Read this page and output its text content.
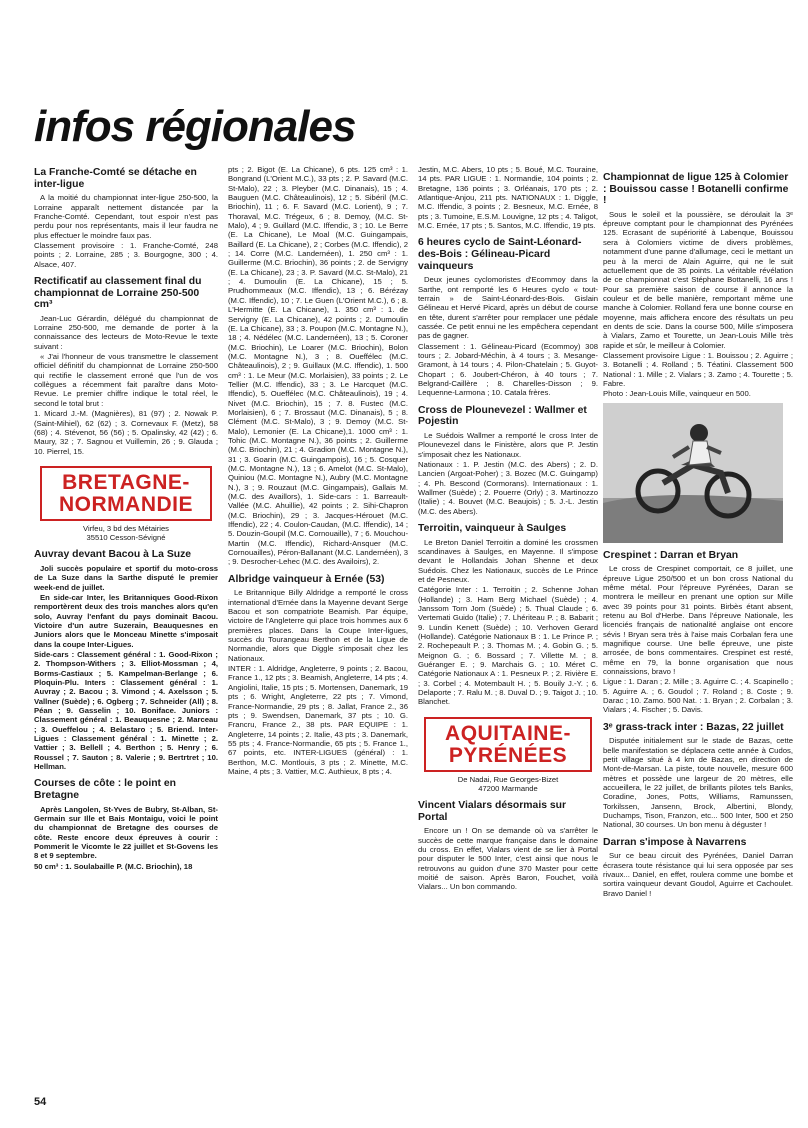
infos régionales
La Franche-Comté se détache en inter-ligue

A la moitié du championnat inter-ligue 250-500, la Lorraine apparaît nettement distancée par la Franche-Comté. Cependant, tout espoir n'est pas perdu pour nos représentants, mais il leur faudra ne plus effectuer le moindre faux pas.

Classement provisoire : 1. Franche-Comté, 248 points ; 2. Lorraine, 285 ; 3. Bourgogne, 300 ; 4. Alsace, 407.

Rectificatif au classement final du championnat de Lorraine 250-500 cm³

Jean-Luc Gérardin, délégué du championnat de Lorraine 250-500, me demande de porter à la connaissance des lecteurs de Moto-Revue le texte suivant :

« J'ai l'honneur de vous transmettre le classement officiel définitif du championnat de Lorraine 250-500 qui rectifie le classement erroné que l'un de vos collègues a récemment fait paraître dans Moto-Revue. Le premier chiffre indique le total réel, le second le total brut :

1. Micard J.-M. (Magnières), 81 (97) ; 2. Nowak P. (Saint-Mihiel), 62 (62) ; 3. Cornevaux F. (Metz), 58 (68) ; 4. Stévenot, 56 (56) ; 5. Opalinsky, 42 (42) ; 6. Maury, 32 ; 7. Sagnou et Vuillemin, 26 ; 9. Glauda ; 10. Pierrel, 15.

BRETAGNE-NORMANDIE
Virfeu, 3 bd des Métairies
35510 Cesson-Sévigné
Auvray devant Bacou à La Suze

Joli succès populaire et sportif du moto-cross de La Suze dans la Sarthe disputé le premier week-end de juillet.

En side-car Inter, les Britanniques Good-Rixon remportèrent deux des trois manches alors qu'en solo, Auvray l'enfant du pays dominait Bacou. Victoire d'un autre Suzerain, Beauquesnes en Juniors alors que le Monceau Minette s'imposait dans la coupe Inter-Ligues.

Side-cars : Classement général : 1. Good-Rixon ; 2. Thompson-Withers ; 3. Elliot-Mossman ; 4, Borms-Castiaux ; 5. Kampelman-Berlange ; 6. Ploquin-Plu. Inters : Classement général : 1. Auvray ; 2. Bacou ; 3. Vimond ; 4. Axelsson ; 5. Vallner (Suède) ; 6. Ogberg ; 7. Schneider (All) ; 8. Péan ; 9. Gasselin ; 10. Boniface. Juniors : Classement général : 1. Beauquesne ; 2. Marceau ; 3. Oueffelou ; 4. Belastaro ; 5. Briend. Inter-Ligues : Classement général : 1. Minette ; 2. Vattier ; 3. Bellell ; 4. Berthon ; 5. Henry ; 6. Roussel ; 7. Sauton ; 8. Valerie ; 9. Bertrtret ; 10. Hellman.

Courses de côte : le point en Bretagne

Après Langolen, St-Yves de Bubry, St-Alban, St-Germain sur Ille et Bais Montaigu, voici le point du championnat de Bretagne des courses de côte. Reste encore deux épreuves à courir : Pommerit le Vicomte le 22 juillet et St-Govens les 8 et 9 septembre.

50 cm³ : 1. Soulabaille P. (M.C. Briochin), 18

pts ; 2. Bigot (E. La Chicane), 6 pts. 125 cm³ : 1. Bongrand (L'Orient M.C.), 33 pts ; 2. P. Savard (M.C. St-Malo), 22 ; 3. Pleyber (M.C. Dinanais), 15 ; 4. Bauguen (M.C. Châteaulinois), 12 ; 5. Sibéril (M.C. Briochin), 11 ; 6. F. Savard (M.C. Lorient), 9 ; 7. Thoraval, M.C. Trégeux, 6 ; 8. Demoy, (M.C. St-Malo), 4 ; 9. Guillard (M.C. Iffendic, 3 ; 10. Le Berre (E. La Chicane), Le Moal (M.C. Guingampais, Baillard (E. La Chicane), 2 ; Corbes (M.C. Iffendic), 2 ; 14. Corre (M.C. Landernéen), 1. 250 cm³ : 1. Guillerme (M.C. Briochin), 36 points ; 2. de Servigny (E. La Chicane), 23 ; 3. P. Savard (M.C. St-Malo), 21 ; 4. Dumoulin (E. La Chicane), 15 ; 5. Prudhommeaux (M.C. Iffendic), 13 ; 6. Bérézay (M.C. Iffendic), 10 ; 7. Le Guen (L'Orient M.C.), 6 ; 8. L'Hermitte (E. La Chicane), 1. 350 cm³ : 1. de Servigny (E. La Chicane), 42 points ; 2. Dumoulin (E. La Chicane), 33 ; 3. Poupon (M.C. Montagne N.), 18 ; 4. Nédélec (M.C. Landernéen), 13 ; 5. Coroner (M.C. Briochin), Le Loarer (M.C. Briochin), Bolon (M.C. Montagne N.), 3 ; 8. Oueffélec (M.C. Châteaulinois), 2 ; 9. Guillaux (M.C. Iffendic), 1. 500 cm³ : 1. Le Meur (M.C. Morlaisien), 33 points ; 2. Le Tellier (M.C. Iffendic), 33 ; 3. Le Harcquet (M.C. Iffendic), 5. Oueffélec (M.C. Châteaulinois), 19 ; 4. Nivet (M.C. Briochin), 15 ; 7. 8. Fustec (M.C. Morlaisien), 6 ; 7. Brossaut (M.C. Dinanais), 5 ; 8. Clément (M.C. St-Malo), 3 ; 9. Demoy (M.C. St-Malo), Lemonier (E. La Chicane),1. 1000 cm³ : 1. Tohic (M.C. Montagne N.), 36 points ; 2. Guillerme (M.C. Briochin), 21 ; 4. Gradion (M.C. Montagne N.), 31 ; 3. Goarin (M.C. Guingampois), 16 ; 5. Cosquer (M.C. Montagne N.), 13 ; 6. Amelot (M.C. St-Malo), Quiniou (M.C. Montagne N.), Aubry (M.C. Montagne N.), 3 ; 9. Rouzaut (M.C. Gingampais), Gallais M. (M.C. des Availlors), 1. Side-cars : 1. Barreault-Vallée (M.C. Ahuillie), 42 points ; 2. Sihi-Chapron (M.C. Briochin), 29 ; 3. Jacques-Hérouet (M.C. Iffendic), 22 ; 4. Coulon-Caudan, (M.C. Iffendic), 14 ; 5. Douzin-Goupil (M.C. Cornouaille), 7 ; 6. Mouchou-Martin (M.C. Iffendic), Richard-Ansquer (M.C. Cornouailles), Péron-Ballanant (M.C. Landernéen), 3 ; 9. Desrocher-Lehec (M.C. des Availoirs), 2.

Albridge vainqueur à Ernée (53)

Le Britannique Billy Aldridge a remporté le cross international d'Ernée dans la Mayenne devant Serge Bacou et son compatriote Beamish. Par équipe, victoire de l'Angleterre qui place trois hommes aux 6 premières places. Dans la Coupe Inter-ligues, succès du Tourangeau Berthon et de la Ligue de Normandie, alors que Diggle s'imposait chez les Nationaux.

INTER : 1. Aldridge, Angleterre, 9 points ; 2. Bacou, France 1., 12 pts ; 3. Beamish, Angleterre, 14 pts ; 4. Angiolini, Italie, 15 pts ; 5. Mortensen, Danemark, 19 pts ; 6. Wright, Angleterre, 22 pts ; 7. Vimond, France-Normandie, 29 pts ; 8. Jallat, France 2., 36 pts ; 9. Swendsen, Danemark, 37 pts ; 10. G. Francru, France 2., 38 pts. PAR EQUIPE : 1. Angleterre, 14 points ; 2. Italie, 43 pts ; 3. Danemark, 55 pts ; 4. France-Normandie, 65 pts ; 5. France 1., 67 points, etc. INTER-LIGUES (général) : 1. Berthon, M.C. Montlouis, 3 pts ; 2. Minette, M.C. Maine, 4 pts ; 3. Vattier, M.C. Authieux, 8 pts ; 4.

Jestin, M.C. Abers, 10 pts ; 5. Boué, M.C. Touraine, 14 pts. PAR LIGUE : 1. Normandie, 104 points ; 2. Bretagne, 136 points ; 3. Orléanais, 170 pts ; 2. Atlantique-Anjou, 211 pts. NATIONAUX : 1. Diggle, M.C. Iffendic, 3 points ; 2. Besneux, M.C. Ernée, 8 pts ; 3. Tumoine, E.S.M. Louvigne, 12 pts ; 4. Taligot, M.C. Ernée, 17 pts ; 5. Santos, M.C. Iffendic, 19 pts.

6 heures cyclo de Saint-Léonard-des-Bois : Gélineau-Picard vainqueurs

Deux jeunes cyclomoristes d'Ecommoy dans la Sarthe, ont remporté les 6 Heures cyclo « tout-terrain » de Saint-Léonard-des-Bois. Gislain Gélineau et Hervé Picard, après un début de course en tête, durent s'arrêter pour remplacer une pédale cassée. Ce petit ennui ne les empêchera cependant pas de gagner.

Classement : 1. Gélineau-Picard (Ecommoy) 308 tours ; 2. Jobard-Méchin, à 4 tours ; 3. Mesange-Gramont, à 14 tours ; 4. Pilon-Chatelain ; 5. Guyot-Chopart ; 6. Joubert-Chéron, à 40 tours ; 7. Belgrand-Caillère ; 8. Charelles-Disson ; 9. Lequenne-Larmona ; 10. Catala frères.

Cross de Plounevezel : Wallmer et Pojestin

Le Suédois Wallmer a remporté le cross Inter de Plounevezel dans le Finistère, alors que P. Jestin s'imposait chez les Nationaux.

Nationaux : 1. P. Jestin (M.C. des Abers) ; 2. D. Lancien (Argoat-Poher) ; 3. Bozec (M.C. Guingamp) ; 4. Ph. Bescond (Cormorans). Internationaux : 1. Wallmer (Suède) ; 2. Pouerre (Orly) ; 3. Martinozzo (Italie) ; 4. Bouvet (M.C. Beaujois) ; 5. J.-L. Jestin (M.C. des Abers).

Terroitin, vainqueur à Saulges

Le Breton Daniel Terroitin a dominé les crossmen scandinaves à Saulges, en Mayenne. Il s'impose devant le Hollandais Johan Shenne et deux Suédois. Chez les Nationaux, succès de Le Prince et de Pesneux.

Catégorie Inter : 1. Terroitin ; 2. Schenne Johan (Hollande) ; 3. Ham Berg Michael (Suède) ; 4. Janssom Torn Jom (Suède) ; 5. Thual Claude ; 6. Vertemati Guido (Italie) ; 7. Lhériteau P. ; 8. Babarit ; 9. Lundin Kenett (Suède) ; 10. Verhoven Gerard (Hollande). Catégorie Nationaux B : 1. Le Prince P. ; 2. Rochepeault P. ; 3. Thomas M. ; 4. Gobin G. ; 5. Meignon G. ; 6. Bossard ; 7. Villette M. ; 8. Guéranger E. ; 9. Marchais G. ; 10. Méret C. Catégorie Nationaux A : 1. Pesneux P. ; 2. Rivière E. ; 3. Corbel ; 4. Motembault H. ; 5. Bouily J.-Y. ; 6. Delaporte ; 7. Ralu M. ; 8. Duval D. ; 9. Taigot J. ; 10. Blanchet.

AQUITAINE-PYRÉNÉES
De Nadai, Rue Georges-Bizet
47200 Marmande
Vincent Vialars désormais sur Portal

Encore un ! On se demande où va s'arrêter le succès de cette marque française dans le domaine du cross. En effet, Vialars vient de se lier à Portal pour disputer le 500 Inter, c'est ainsi que nous le retrouvons au guidon d'une 370 Master pour cette moitié de saison. Après Baron, Fouchet, voilà Vialars... Un bon commando.

Championnat de ligue 125 à Colomier : Bouissou casse ! Botanelli confirme !

Sous le soleil et la poussière, se déroulait la 3ᵉ épreuve comptant pour le championnat des Pyrénées 125. Ecrasant de supériorité à Labenque, Bouissou sera à Colomiers victime de divers problèmes, notamment d'une panne d'allumage, ceci le mettant un peu à la merci de Alain Aguirre, qui ne le suit actuellement que de 35 points. La véritable révélation de ce championnat c'est Stéphane Bottanelli, 16 ans ! Pour sa première saison de course il annonce la couleur et de belle manière, remportant même une manche à Colomier. Rolland fera une bonne course en moyenne, mais affichera encore des résultats un peu en dents de scie. Dans la course 500, Mille s'imposera à Vialars, Zamo et Tourette, un Jean-Louis Mille très rapide et sûr, le meilleur à Colomier.

Classement provisoire Ligue : 1. Bouissou ; 2. Aguirre ; 3. Botanelli ; 4. Rolland ; 5. Téatini. Classement 500 National : 1. Mille ; 2. Vialars ; 3. Zamo ; 4. Tourette ; 5. Fabre.

Photo : Jean-Louis Mille, vainqueur en 500.

Crespinet : Darran et Bryan

Le cross de Crespinet comportait, ce 8 juillet, une épreuve Ligue 250/500 et un bon cross National du même métal. Pour l'épreuve Pyrénées, Daran se montrera le meilleur en prenant une option sur Mille avec 39 points pour 31 points. Birbès étant absent, retenu au Bol d'Herbe. Dans l'épreuve Nationale, les licenciés français de nationalité anglaise ont encore sévis ! Bryan sera très à l'aise mais Corbalan fera une magnifique course. Une belle épreuve, une piste arrosée, de bons commentaires. Crespinet est resté, même en 79, la bonne organisation que nous connaissions, bravo !

Ligue : 1. Daran ; 2. Mille ; 3. Aguirre C. ; 4. Scapinello ; 5. Aguirre A. ; 6. Goudol ; 7. Roland ; 8. Coste ; 9. Darac ; 10. Zamo. 500 Nat. : 1. Bryan ; 2. Corbalan ; 3. Vialars ; 4. Fischer ; 5. Davis.

3ᵉ grass-track inter : Bazas, 22 juillet

Disputée initialement sur le stade de Bazas, cette belle manifestation se déplacera cette année à Cudos, petit village situé à 4 km de Bazas, en direction de Mont-de-Marsan. La piste, toute nouvelle, mesure 600 mètres et possède une largeur de 20 mètres, elle accueillera, le 22 juillet, de brillants pilotes tels Banks, Coradine, Jones, Potts, Williams, Ramunssen, Torkilssen, Jansenn, Brock, Albertini, Blondy, Duchamps, Tison, Franzon, etc... 500 Inter, 500 et 250 National, 30 courses. Un bon menu à déguster !

Darran s'impose à Navarrens

Sur ce beau circuit des Pyrénées, Daniel Darran écrasera toute résistance qui lui sera opposée par ses rivaux... Daniel, en effet, roulera comme une bombe et sortira vainqueur devant Goudol, Aguirre et Cachoulet. Bravo Daniel !

54
